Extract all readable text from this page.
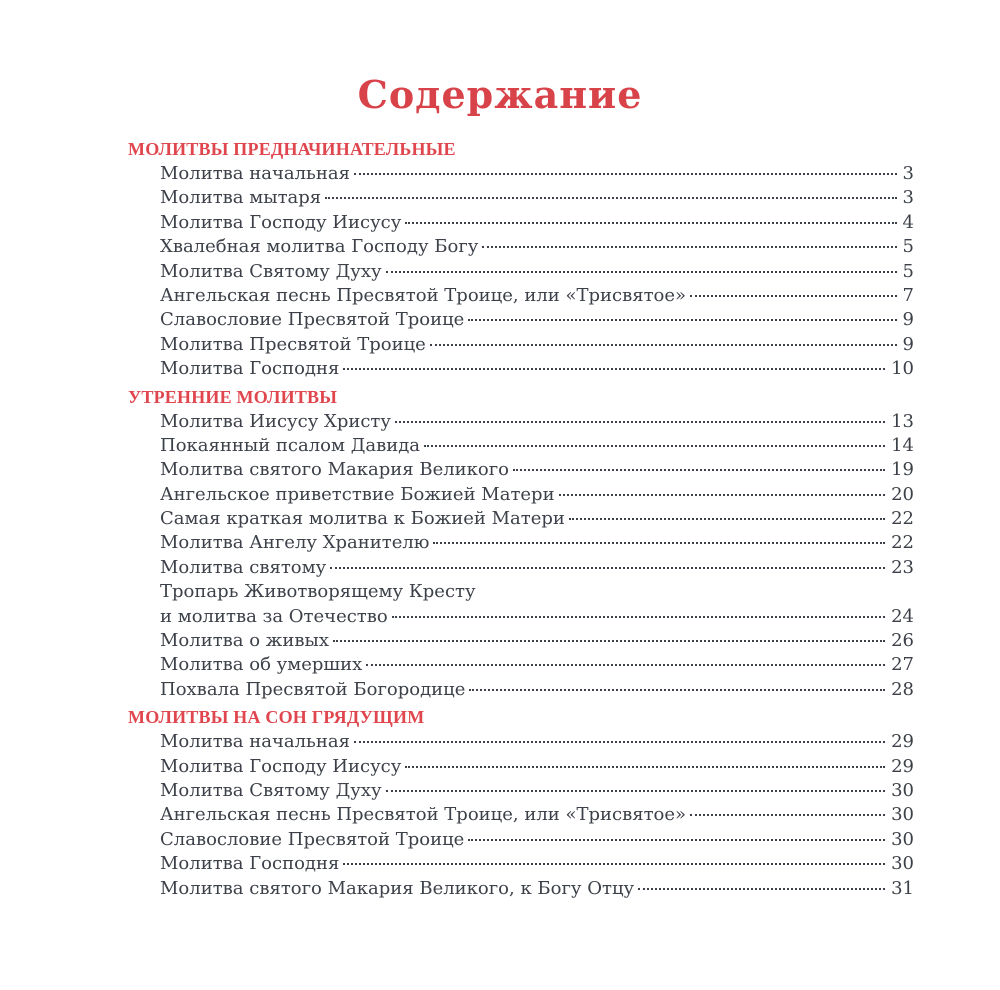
Содержание
МОЛИТВЫ ПРЕДНАЧИНАТЕЛЬНЫЕ
Молитва начальная	3
Молитва мытаря	3
Молитва Господу Иисусу	4
Хвалебная молитва Господу Богу	5
Молитва Святому Духу	5
Ангельская песнь Пресвятой Троице, или «Трисвятое»	7
Славословие Пресвятой Троице	9
Молитва Пресвятой Троице	9
Молитва Господня	10
УТРЕННИЕ МОЛИТВЫ
Молитва Иисусу Христу	13
Покаянный псалом Давида	14
Молитва святого Макария Великого	19
Ангельское приветствие Божией Матери	20
Самая краткая молитва к Божией Матери	22
Молитва Ангелу Хранителю	22
Молитва святому	23
Тропарь Животворящему Кресту
и молитва за Отечество	24
Молитва о живых	26
Молитва об умерших	27
Похвала Пресвятой Богородице	28
МОЛИТВЫ НА СОН ГРЯДУЩИМ
Молитва начальная	29
Молитва Господу Иисусу	29
Молитва Святому Духу	30
Ангельская песнь Пресвятой Троице, или «Трисвятое»	30
Славословие Пресвятой Троице	30
Молитва Господня	30
Молитва святого Макария Великого, к Богу Отцу	31
